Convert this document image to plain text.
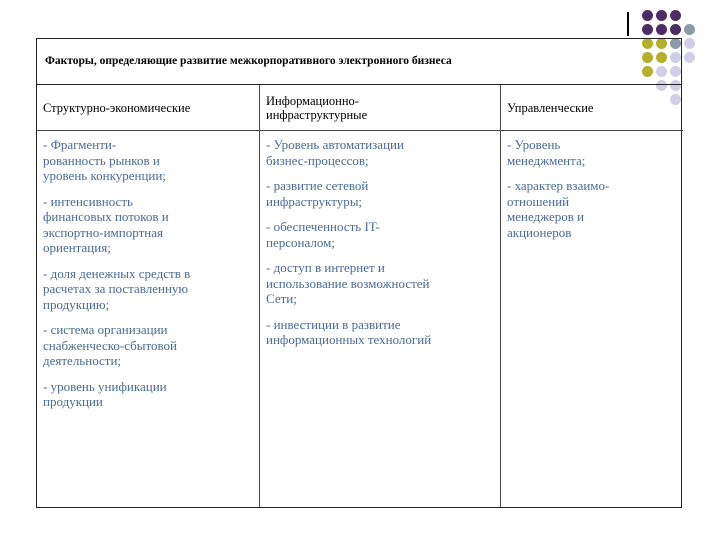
Факторы, определяющие развитие межкорпоративного электронного бизнеса
Структурно-экономические
- Фрагменти-
рованность рынков и
уровень конкуренции;
- интенсивность
финансовых потоков и
экспортно-импортная
ориентация;
- доля денежных средств в
расчетах за поставленную
продукцию;
- система организации
снабженческо-сбытовой
деятельности;
- уровень унификации
продукции
Информационно-
инфраструктурные
- Уровень автоматизации
бизнес-процессов;
- развитие сетевой
инфраструктуры;
- обеспеченность IT-
персоналом;
- доступ в интернет и
использование возможностей
Сети;
- инвестиции в развитие
информационных технологий
Управленческие
- Уровень
менеджмента;
- характер взаимо-
отношений
менеджеров и
акционеров
